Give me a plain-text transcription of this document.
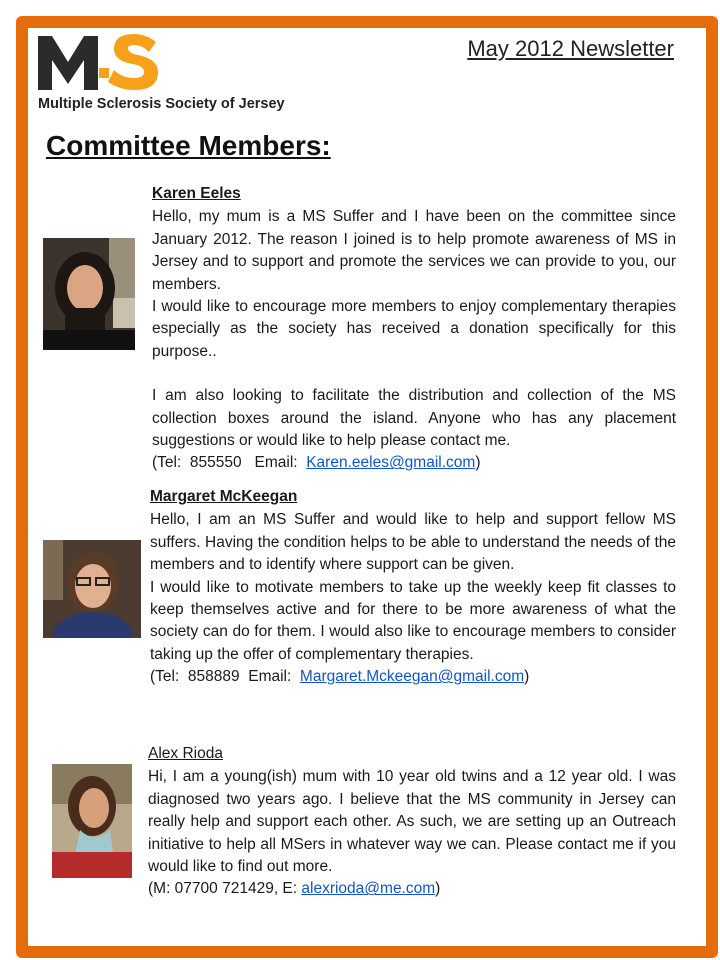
Multiple Sclerosis Society of Jersey
May 2012 Newsletter
Committee Members:
Karen Eeles

Hello, my mum is a MS Suffer and I have been on the committee since January 2012. The reason I joined is to help promote awareness of MS in Jersey and to support and promote the services we can provide to you, our members.

I would like to encourage more members to enjoy complementary therapies especially as the society has received a donation specifically for this purpose..

I am also looking to facilitate the distribution and collection of the MS collection boxes around the island. Anyone who has any placement suggestions or would like to help please contact me.

(Tel:  855550   Email:  Karen.eeles@gmail.com)

Margaret McKeegan

Hello, I am an MS Suffer and would like to help and support fellow MS suffers. Having the condition helps to be able to understand the needs of the members and to identify where support can be given.

I would like to motivate members to take up the weekly keep fit classes to keep themselves active and for there to be more awareness of what the society can do for them. I would also like to encourage members to consider taking up the offer of complementary therapies.

(Tel:  858889  Email:  Margaret.Mckeegan@gmail.com)

Alex Rioda

Hi, I am a young(ish) mum with 10 year old twins and a 12 year old. I was diagnosed two years ago. I believe that the MS community in Jersey can really help and support each other. As such, we are setting up an Outreach initiative to help all MSers in whatever way we can. Please contact me if you would like to find out more.

(M: 07700 721429, E: alexrioda@me.com)
